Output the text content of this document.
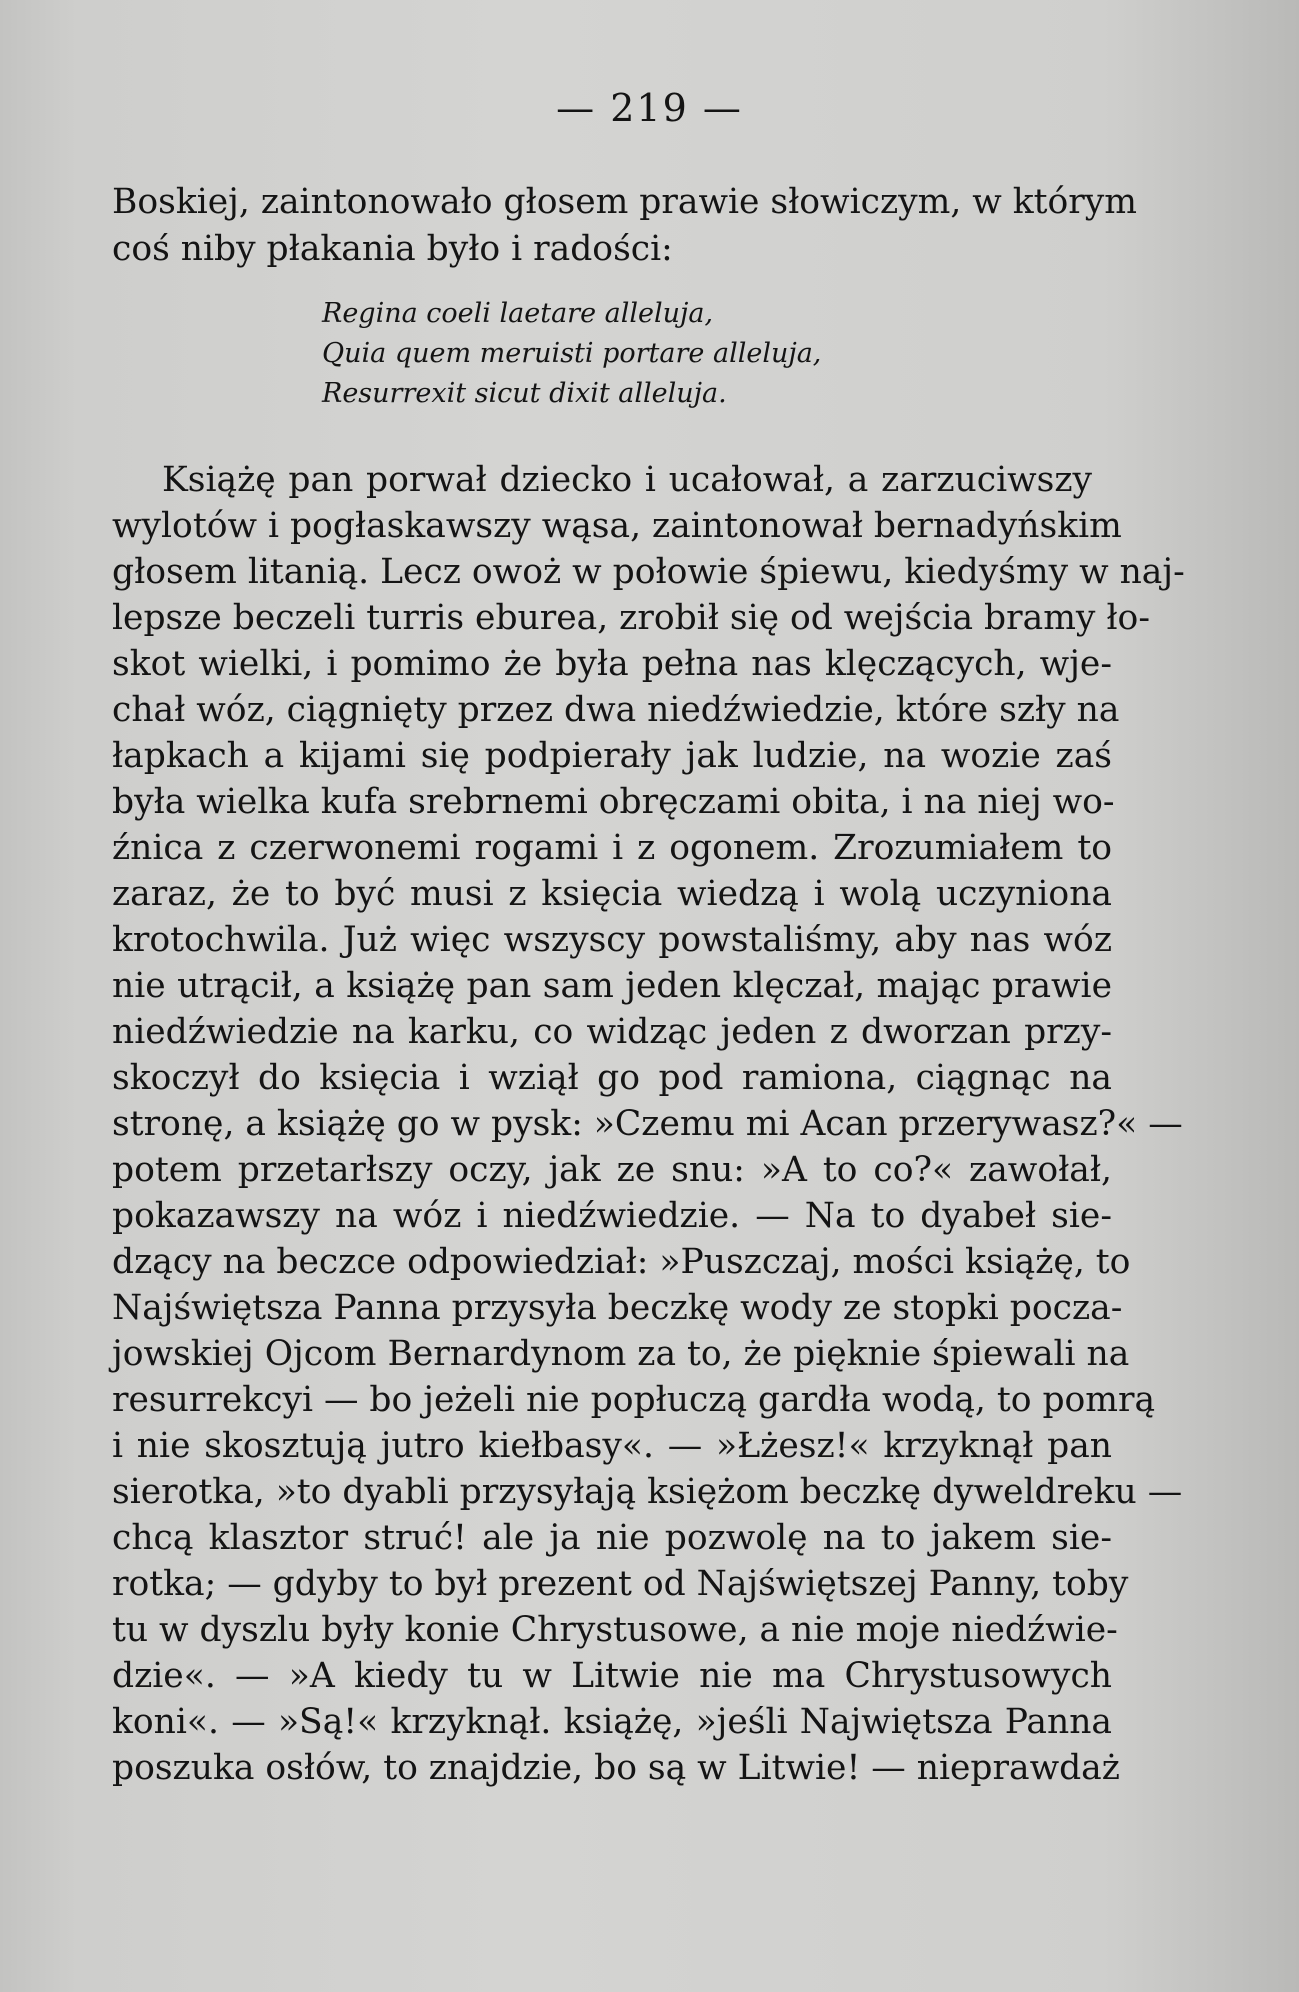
— 219 —
Boskiej, zaintonowało głosem prawie słowiczym, w którym
coś niby płakania było i radości:
Regina coeli laetare alleluja,
Quia quem meruisti portare alleluja,
Resurrexit sicut dixit alleluja.
Książę pan porwał dziecko i ucałował, a zarzuciwszy
wylotów i pogłaskawszy wąsa, zaintonował bernadyńskim
głosem litanią. Lecz owoż w połowie śpiewu, kiedyśmy w naj-
lepsze beczeli turris eburea, zrobił się od wejścia bramy ło-
skot wielki, i pomimo że była pełna nas klęczących, wje-
chał wóz, ciągnięty przez dwa niedźwiedzie, które szły na
łapkach a kijami się podpierały jak ludzie, na wozie zaś
była wielka kufa srebrnemi obręczami obita, i na niej wo-
źnica z czerwonemi rogami i z ogonem. Zrozumiałem to
zaraz, że to być musi z księcia wiedzą i wolą uczyniona
krotochwila. Już więc wszyscy powstaliśmy, aby nas wóz
nie utrącił, a książę pan sam jeden klęczał, mając prawie
niedźwiedzie na karku, co widząc jeden z dworzan przy-
skoczył do księcia i wziął go pod ramiona, ciągnąc na
stronę, a książę go w pysk: »Czemu mi Acan przerywasz?« —
potem przetarłszy oczy, jak ze snu: »A to co?« zawołał,
pokazawszy na wóz i niedźwiedzie. — Na to dyabeł sie-
dzący na beczce odpowiedział: »Puszczaj, mości książę, to
Najświętsza Panna przysyła beczkę wody ze stopki pocza-
jowskiej Ojcom Bernardynom za to, że pięknie śpiewali na
resurrekcyi — bo jeżeli nie popłuczą gardła wodą, to pomrą
i nie skosztują jutro kiełbasy«. — »Łżesz!« krzyknął pan
sierotka, »to dyabli przysyłają księżom beczkę dyweldreku —
chcą klasztor struć! ale ja nie pozwolę na to jakem sie-
rotka; — gdyby to był prezent od Najświętszej Panny, toby
tu w dyszlu były konie Chrystusowe, a nie moje niedźwie-
dzie«. — »A kiedy tu w Litwie nie ma Chrystusowych
koni«. — »Są!« krzyknął. książę, »jeśli Najwiętsza Panna
poszuka osłów, to znajdzie, bo są w Litwie! — nieprawdaż
